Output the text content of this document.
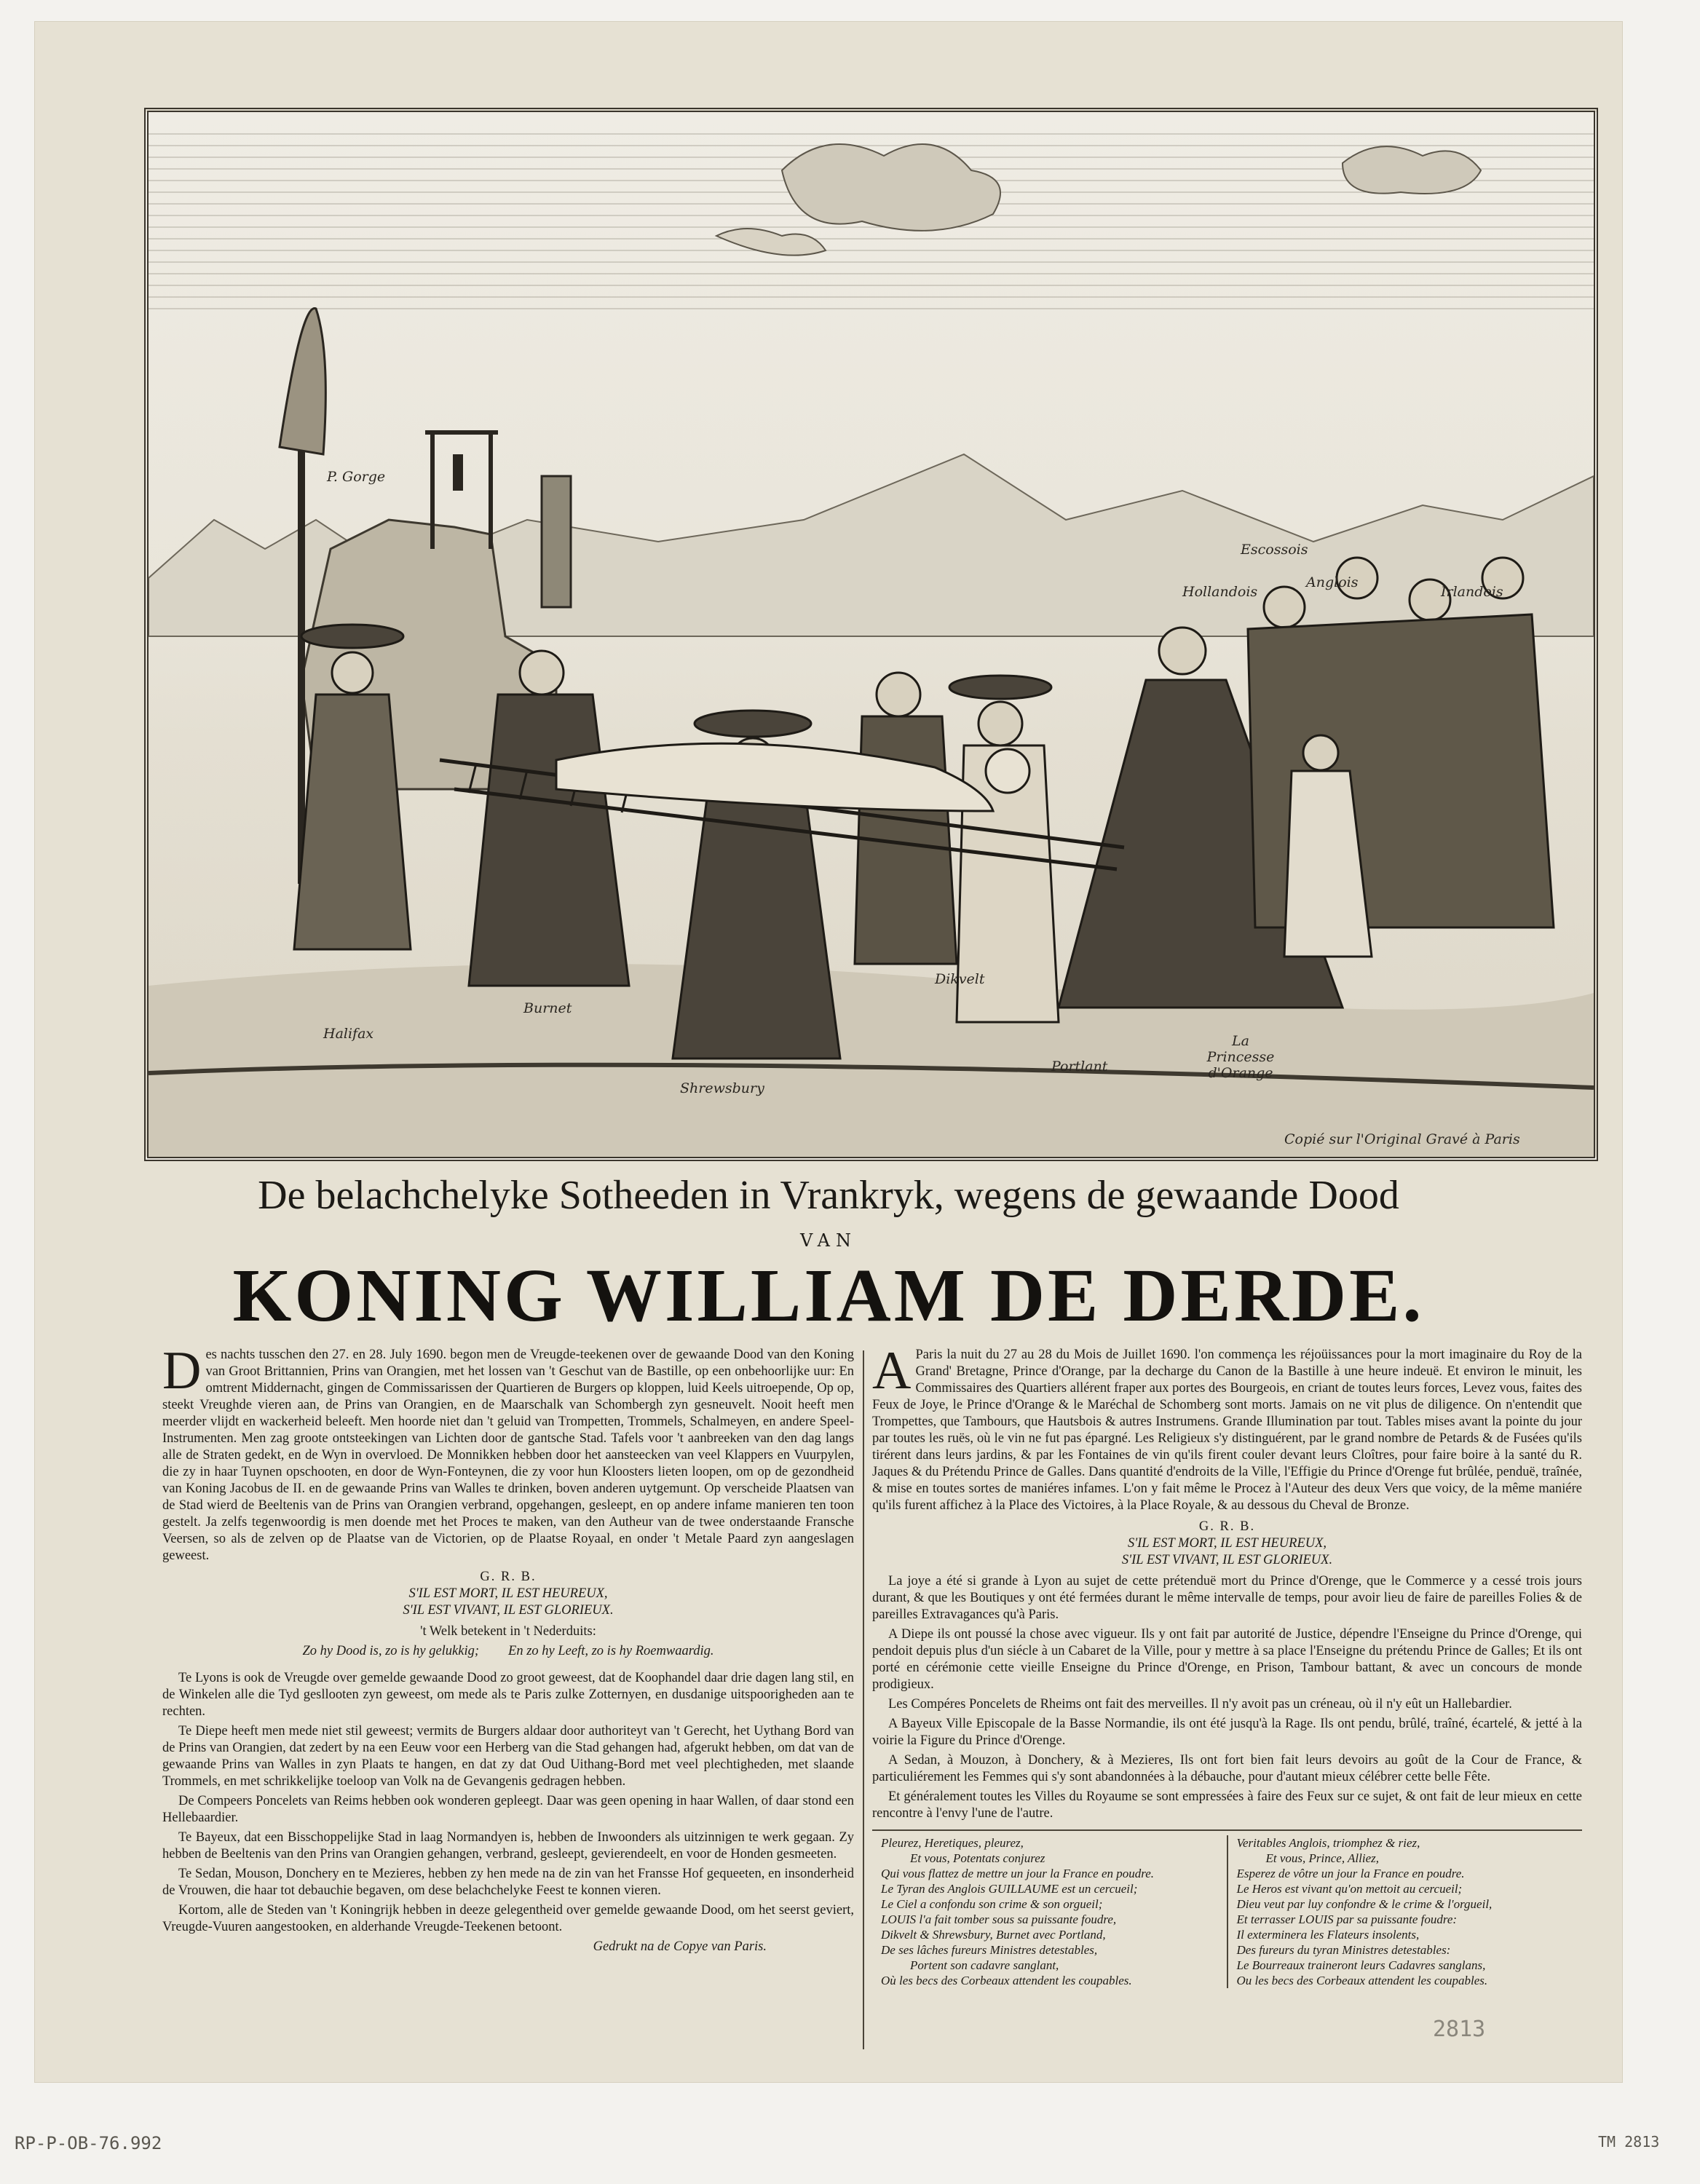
P. Gorge
Halifax
Burnet
Shrewsbury
Dikvelt
Portlant
La Princesse d'Orange
Escossois
Hollandois
Anglois
Irlandois
Copié sur l'Original Gravé à Paris
De belachchelyke Sotheeden in Vrankryk, wegens de gewaande Dood
VAN
KONING WILLIAM DE DERDE.

Des nachts tusschen den 27. en 28. July 1690. begon men de Vreugde-teekenen over de gewaande Dood van den Koning van Groot Brittannien, Prins van Orangien, met het lossen van 't Geschut van de Bastille, op een onbehoorlijke uur: En omtrent Middernacht, gingen de Commissarissen der Quartieren de Burgers op kloppen, luid Keels uitroepende, Op op, steekt Vreughde vieren aan, de Prins van Orangien, en de Maarschalk van Schombergh zyn gesneuvelt. Nooit heeft men meerder vlijdt en wackerheid beleeft. Men hoorde niet dan 't geluid van Trompetten, Trommels, Schalmeyen, en andere Speel-Instrumenten. Men zag groote ontsteekingen van Lichten door de gantsche Stad. Tafels voor 't aanbreeken van den dag langs alle de Straten gedekt, en de Wyn in overvloed. De Monnikken hebben door het aansteecken van veel Klappers en Vuurpylen, die zy in haar Tuynen opschooten, en door de Wyn-Fonteynen, die zy voor hun Kloosters lieten loopen, om op de gezondheid van Koning Jacobus de II. en de gewaande Prins van Walles te drinken, boven anderen uytgemunt. Op verscheide Plaatsen van de Stad wierd de Beeltenis van de Prins van Orangien verbrand, opgehangen, gesleept, en op andere infame manieren ten toon gestelt. Ja zelfs tegenwoordig is men doende met het Proces te maken, van den Autheur van de twee onderstaande Fransche Veersen, so als de zelven op de Plaatse van de Victorien, op de Plaatse Royaal, en onder 't Metale Paard zyn aangeslagen geweest.

G. R. B.
S'IL EST MORT, IL EST HEUREUX,
S'IL EST VIVANT, IL EST GLORIEUX.
't Welk betekent in 't Nederduits:
Zo hy Dood is, zo is hy gelukkig; En zo hy Leeft, zo is hy Roemwaardig.

Te Lyons is ook de Vreugde over gemelde gewaande Dood zo groot geweest, dat de Koophandel daar drie dagen lang stil, en de Winkelen alle die Tyd gesllooten zyn geweest, om mede als te Paris zulke Zotternyen, en dusdanige uitspoorigheden aan te rechten.

Te Diepe heeft men mede niet stil geweest; vermits de Burgers aldaar door authoriteyt van 't Gerecht, het Uythang Bord van de Prins van Orangien, dat zedert by na een Eeuw voor een Herberg van die Stad gehangen had, afgerukt hebben, om dat van de gewaande Prins van Walles in zyn Plaats te hangen, en dat zy dat Oud Uithang-Bord met veel plechtigheden, met slaande Trommels, en met schrikkelijke toeloop van Volk na de Gevangenis gedragen hebben.

De Compeers Poncelets van Reims hebben ook wonderen gepleegt. Daar was geen opening in haar Wallen, of daar stond een Hellebaardier.

Te Bayeux, dat een Bisschoppelijke Stad in laag Normandyen is, hebben de Inwoonders als uitzinnigen te werk gegaan. Zy hebben de Beeltenis van den Prins van Orangien gehangen, verbrand, gesleept, gevierendeelt, en voor de Honden gesmeeten.

Te Sedan, Mouson, Donchery en te Mezieres, hebben zy hen mede na de zin van het Fransse Hof gequeeten, en insonderheid de Vrouwen, die haar tot debauchie begaven, om dese belachchelyke Feest te konnen vieren.

Kortom, alle de Steden van 't Koningrijk hebben in deeze gelegentheid over gemelde gewaande Dood, om het seerst geviert, Vreugde-Vuuren aangestooken, en alderhande Vreugde-Teekenen betoont.

Gedrukt na de Copye van Paris.

A Paris la nuit du 27 au 28 du Mois de Juillet 1690. l'on commença les réjoüissances pour la mort imaginaire du Roy de la Grand' Bretagne, Prince d'Orange, par la decharge du Canon de la Bastille à une heure indeuë. Et environ le minuit, les Commissaires des Quartiers allérent fraper aux portes des Bourgeois, en criant de toutes leurs forces, Levez vous, faites des Feux de Joye, le Prince d'Orange & le Maréchal de Schomberg sont morts. Jamais on ne vit plus de diligence. On n'entendit que Trompettes, que Tambours, que Hautsbois & autres Instrumens. Grande Illumination par tout. Tables mises avant la pointe du jour par toutes les ruës, où le vin ne fut pas épargné. Les Religieux s'y distinguérent, par le grand nombre de Petards & de Fusées qu'ils tirérent dans leurs jardins, & par les Fontaines de vin qu'ils firent couler devant leurs Cloîtres, pour faire boire à la santé du R. Jaques & du Prétendu Prince de Galles. Dans quantité d'endroits de la Ville, l'Effigie du Prince d'Orenge fut brûlée, penduë, traînée, & mise en toutes sortes de maniéres infames. L'on y fait même le Procez à l'Auteur des deux Vers que voicy, de la même maniére qu'ils furent affichez à la Place des Victoires, à la Place Royale, & au dessous du Cheval de Bronze.

G. R. B.
S'IL EST MORT, IL EST HEUREUX,
S'IL EST VIVANT, IL EST GLORIEUX.

La joye a été si grande à Lyon au sujet de cette prétenduë mort du Prince d'Orenge, que le Commerce y a cessé trois jours durant, & que les Boutiques y ont été fermées durant le même intervalle de temps, pour avoir lieu de faire de pareilles Folies & de pareilles Extravagances qu'à Paris.

A Diepe ils ont poussé la chose avec vigueur. Ils y ont fait par autorité de Justice, dépendre l'Enseigne du Prince d'Orenge, qui pendoit depuis plus d'un siécle à un Cabaret de la Ville, pour y mettre à sa place l'Enseigne du prétendu Prince de Galles; Et ils ont porté en cérémonie cette vieille Enseigne du Prince d'Orenge, en Prison, Tambour battant, & avec un concours de monde prodigieux.

Les Compéres Poncelets de Rheims ont fait des merveilles. Il n'y avoit pas un créneau, où il n'y eût un Hallebardier.

A Bayeux Ville Episcopale de la Basse Normandie, ils ont été jusqu'à la Rage. Ils ont pendu, brûlé, traîné, écartelé, & jetté à la voirie la Figure du Prince d'Orenge.

A Sedan, à Mouzon, à Donchery, & à Mezieres, Ils ont fort bien fait leurs devoirs au goût de la Cour de France, & particuliérement les Femmes qui s'y sont abandonnées à la débauche, pour d'autant mieux célébrer cette belle Fête.

Et généralement toutes les Villes du Royaume se sont empressées à faire des Feux sur ce sujet, & ont fait de leur mieux en cette rencontre à l'envy l'une de l'autre.

Pleurez, Heretiques, pleurez,
Et vous, Potentats conjurez
Qui vous flattez de mettre un jour la France en poudre.
Le Tyran des Anglois GUILLAUME est un cercueil;
Le Ciel a confondu son crime & son orgueil;
LOUIS l'a fait tomber sous sa puissante foudre,
Dikvelt & Shrewsbury, Burnet avec Portland,
De ses lâches fureurs Ministres detestables,
Portent son cadavre sanglant,
Où les becs des Corbeaux attendent les coupables.
Veritables Anglois, triomphez & riez,
Et vous, Prince, Alliez,
Esperez de vôtre un jour la France en poudre.
Le Heros est vivant qu'on mettoit au cercueil;
Dieu veut par luy confondre & le crime & l'orgueil,
Et terrasser LOUIS par sa puissante foudre:
Il exterminera les Flateurs insolents,
Des fureurs du tyran Ministres detestables:
Le Bourreaux traineront leurs Cadavres sanglans,
Ou les becs des Corbeaux attendent les coupables.
2813
RP-P-OB-76.992	TM 2813
